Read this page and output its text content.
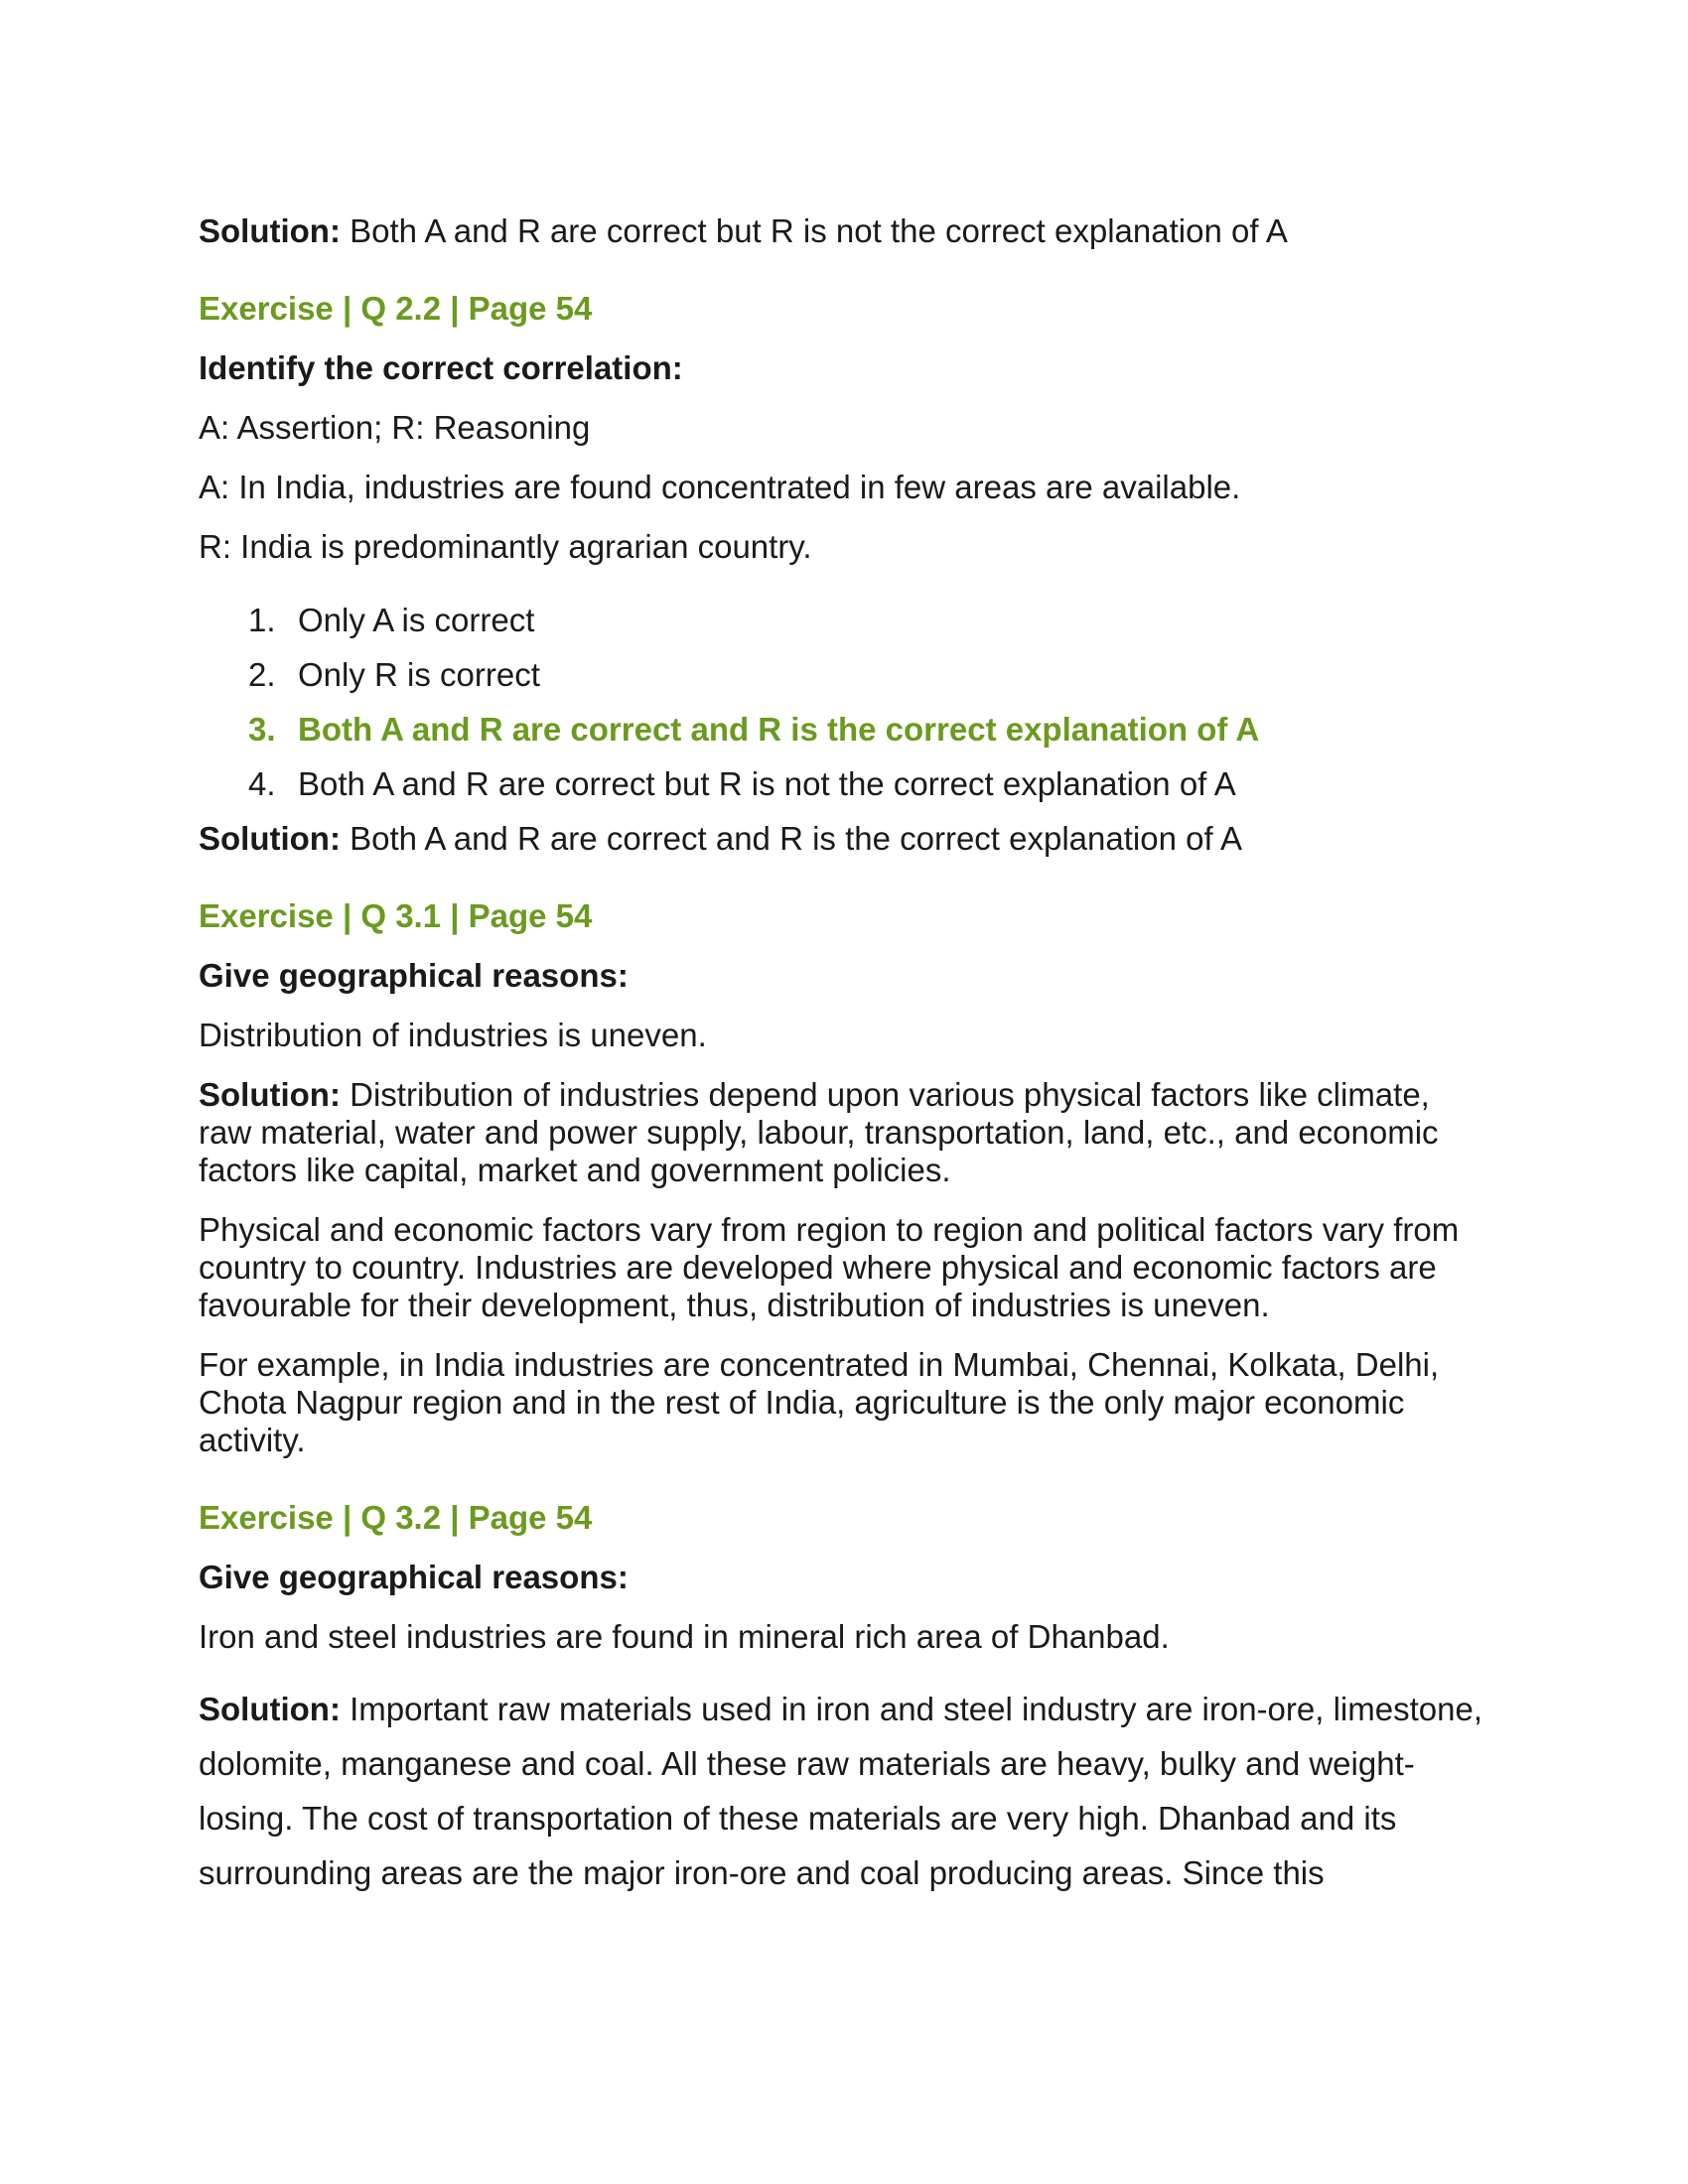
Solution: Both A and R are correct but R is not the correct explanation of A

Exercise | Q 2.2 | Page 54
Identify the correct correlation:
A: Assertion; R: Reasoning
A: In India, industries are found concentrated in few areas are available.
R: India is predominantly agrarian country.
1. Only A is correct
2. Only R is correct
3. Both A and R are correct and R is the correct explanation of A
4. Both A and R are correct but R is not the correct explanation of A

Solution: Both A and R are correct and R is the correct explanation of A

Exercise | Q 3.1 | Page 54
Give geographical reasons:
Distribution of industries is uneven.
Solution: Distribution of industries depend upon various physical factors like climate, raw material, water and power supply, labour, transportation, land, etc., and economic factors like capital, market and government policies.
Physical and economic factors vary from region to region and political factors vary from country to country. Industries are developed where physical and economic factors are favourable for their development, thus, distribution of industries is uneven.
For example, in India industries are concentrated in Mumbai, Chennai, Kolkata, Delhi, Chota Nagpur region and in the rest of India, agriculture is the only major economic activity.
Exercise | Q 3.2 | Page 54
Give geographical reasons:
Iron and steel industries are found in mineral rich area of Dhanbad.
Solution: Important raw materials used in iron and steel industry are iron-ore, limestone, dolomite, manganese and coal. All these raw materials are heavy, bulky and weight-losing. The cost of transportation of these materials are very high. Dhanbad and its surrounding areas are the major iron-ore and coal producing areas. Since this
